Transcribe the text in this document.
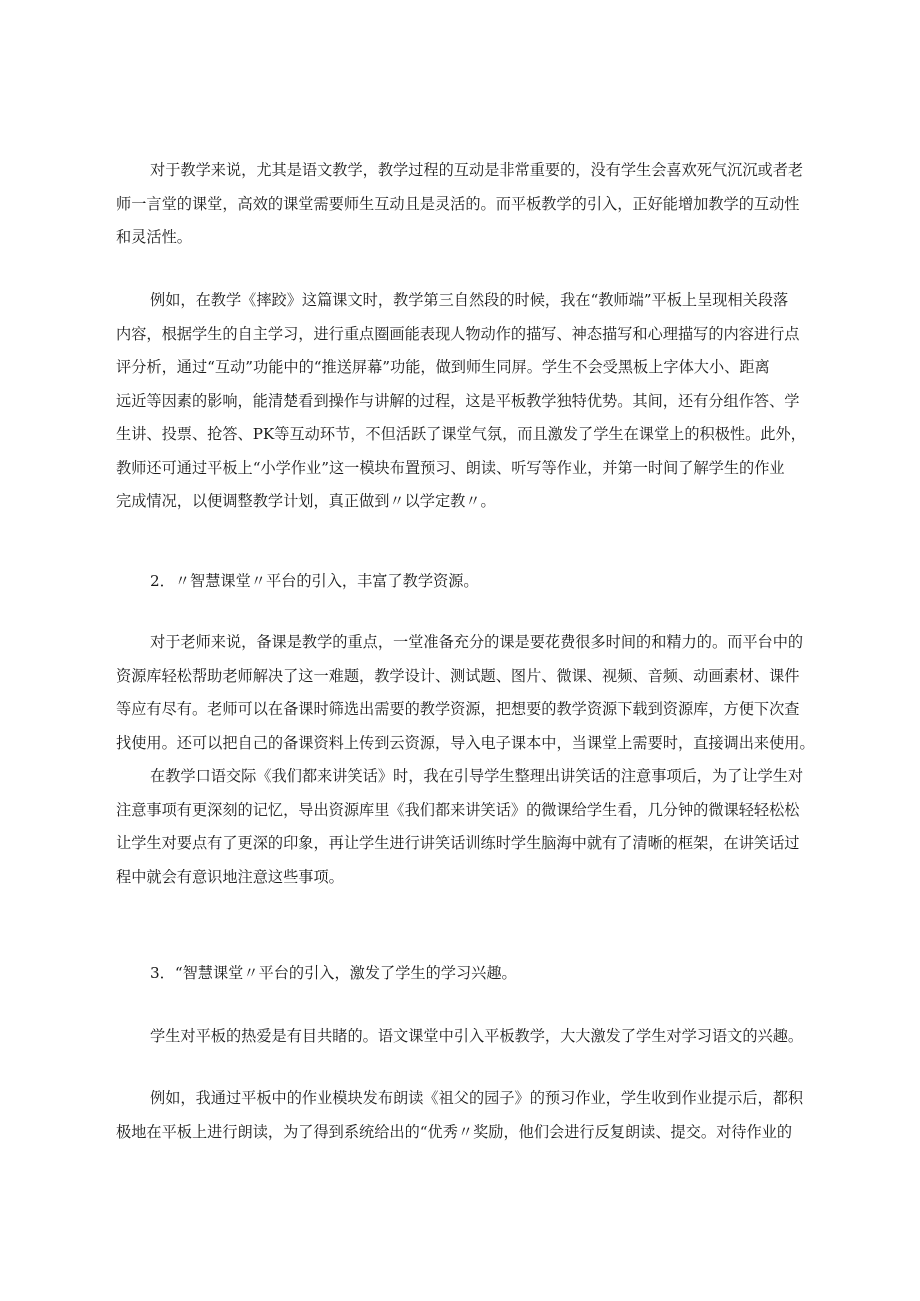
对于教学来说，尤其是语文教学，教学过程的互动是非常重要的，没有学生会喜欢死气沉沉或者老
师一言堂的课堂，高效的课堂需要师生互动且是灵活的。而平板教学的引入，正好能增加教学的互动性
和灵活性。

例如，在教学《摔跤》这篇课文时，教学第三自然段的时候，我在“教师端”平板上呈现相关段落
内容，根据学生的自主学习，进行重点圈画能表现人物动作的描写、神态描写和心理描写的内容进行点
评分析，通过“互动”功能中的“推送屏幕”功能，做到师生同屏。学生不会受黑板上字体大小、距离
远近等因素的影响，能清楚看到操作与讲解的过程，这是平板教学独特优势。其间，还有分组作答、学
生讲、投票、抢答、PK等互动环节，不但活跃了课堂气氛，而且激发了学生在课堂上的积极性。此外，
教师还可通过平板上“小学作业”这一模块布置预习、朗读、听写等作业，并第一时间了解学生的作业
完成情况，以便调整教学计划，真正做到〃以学定教〃。

2．〃智慧课堂〃平台的引入，丰富了教学资源。

对于老师来说，备课是教学的重点，一堂准备充分的课是要花费很多时间的和精力的。而平台中的
资源库轻松帮助老师解决了这一难题，教学设计、测试题、图片、微课、视频、音频、动画素材、课件
等应有尽有。老师可以在备课时筛选出需要的教学资源，把想要的教学资源下载到资源库，方便下次查
找使用。还可以把自己的备课资料上传到云资源，导入电子课本中，当课堂上需要时，直接调出来使用。

在教学口语交际《我们都来讲笑话》时，我在引导学生整理出讲笑话的注意事项后，为了让学生对
注意事项有更深刻的记忆，导出资源库里《我们都来讲笑话》的微课给学生看，几分钟的微课轻轻松松
让学生对要点有了更深的印象，再让学生进行讲笑话训练时学生脑海中就有了清晰的框架，在讲笑话过
程中就会有意识地注意这些事项。

3．“智慧课堂〃平台的引入，激发了学生的学习兴趣。

学生对平板的热爱是有目共睹的。语文课堂中引入平板教学，大大激发了学生对学习语文的兴趣。

例如，我通过平板中的作业模块发布朗读《祖父的园子》的预习作业，学生收到作业提示后，都积
极地在平板上进行朗读，为了得到系统给出的“优秀〃奖励，他们会进行反复朗读、提交。对待作业的
